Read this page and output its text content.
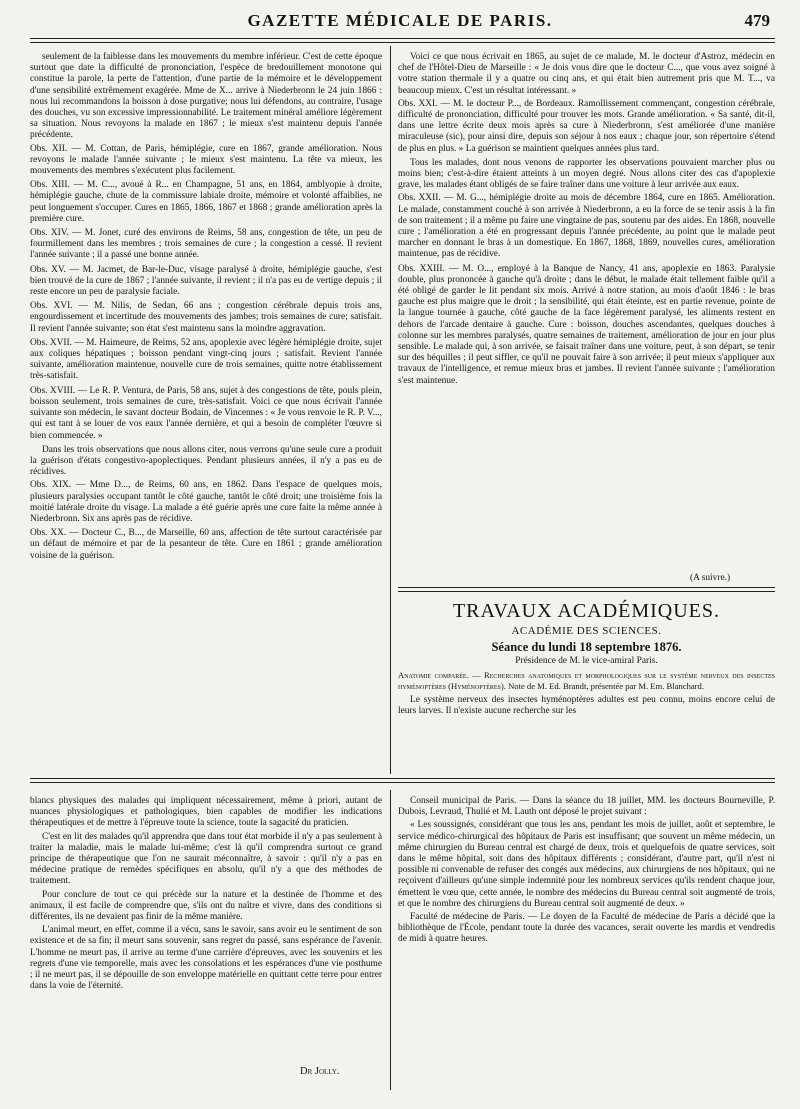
GAZETTE MÉDICALE DE PARIS.	479

seulement de la faiblesse dans les mouvements du membre inférieur. C'est de cette époque surtout que date la difficulté de prononciation, l'espèce de bredouillement monotone qui constitue la parole, la perte de l'attention, d'une partie de la mémoire et le développement d'une sensibilité extrêmement exagérée. Mme de X... arrive à Niederbronn le 24 juin 1866 : nous lui recommandons la boisson à dose purgative; nous lui défendons, au contraire, l'usage des douches, vu son excessive impressionnabilité. Le traitement minéral améliore légèrement sa situation. Nous revoyons la malade en 1867 ; le mieux s'est maintenu depuis l'année précédente.

Obs. XII. — M. Cottan, de Paris, hémiplégie, cure en 1867, grande amélioration. Nous revoyons le malade l'année suivante ; le mieux s'est maintenu. La tête va mieux, les mouvements des membres s'exécutent plus facilement.

Obs. XIII. — M. C..., avoué à R... en Champagne, 51 ans, en 1864, amblyopie à droite, hémiplégie gauche, chute de la commissure labiale droite, mémoire et volonté affaiblies, ne peut longuement s'occuper. Cures en 1865, 1866, 1867 et 1868 ; grande amélioration après la première cure.

Obs. XIV. — M. Jonet, curé des environs de Reims, 58 ans, congestion de tête, un peu de fourmillement dans les membres ; trois semaines de cure ; la congestion a cessé. Il revient l'année suivante ; il a passé une bonne année.

Obs. XV. — M. Jacmet, de Bar-le-Duc, visage paralysé à droite, hémiplégie gauche, s'est bien trouvé de la cure de 1867 ; l'année suivante, il revient ; il n'a pas eu de vertige depuis ; il reste encore un peu de paralysie faciale.

Obs. XVI. — M. Nilis, de Sedan, 66 ans ; congestion cérébrale depuis trois ans, engourdissement et incertitude des mouvements des jambes; trois semaines de cure; satisfait. Il revient l'année suivante; son état s'est maintenu sans la moindre aggravation.

Obs. XVII. — M. Haimeure, de Reims, 52 ans, apoplexie avec légère hémiplégie droite, sujet aux coliques hépatiques ; boisson pendant vingt-cinq jours ; satisfait. Revient l'année suivante, amélioration maintenue, nouvelle cure de trois semaines, quitte notre établissement très-satisfait.

Obs. XVIII. — Le R. P. Ventura, de Paris, 58 ans, sujet à des congestions de tête, pouls plein, boisson seulement, trois semaines de cure, très-satisfait. Voici ce que nous écrivait l'année suivante son médecin, le savant docteur Bodain, de Vincennes : « Je vous renvoie le R. P. V..., qui est tant à se louer de vos eaux l'année dernière, et qui a besoin de compléter l'œuvre si bien commencée. »

Dans les trois observations que nous allons citer, nous verrons qu'une seule cure a produit la guérison d'états congestivo-apoplectiques. Pendant plusieurs années, il n'y a pas eu de récidives.

Obs. XIX. — Mme D..., de Reims, 60 ans, en 1862. Dans l'espace de quelques mois, plusieurs paralysies occupant tantôt le côté gauche, tantôt le côté droit; une troisième fois la moitié latérale droite du visage. La malade a été guérie après une cure faite la même année à Niederbronn. Six ans après pas de récidive.

Obs. XX. — Docteur C., B..., de Marseille, 60 ans, affection de tête surtout caractérisée par un défaut de mémoire et par de la pesanteur de tête. Cure en 1861 ; grande amélioration voisine de la guérison.

Voici ce que nous écrivait en 1865, au sujet de ce malade, M. le docteur d'Astroz, médecin en chef de l'Hôtel-Dieu de Marseille : « Je dois vous dire que le docteur C..., que vous avez soigné à votre station thermale il y a quatre ou cinq ans, et qui était bien autrement pris que M. T..., va beaucoup mieux. C'est un résultat intéressant. »

Obs. XXI. — M. le docteur P..., de Bordeaux. Ramollissement commençant, congestion cérébrale, difficulté de prononciation, difficulté pour trouver les mots. Grande amélioration. « Sa santé, dit-il, dans une lettre écrite deux mois après sa cure à Niederbronn, s'est améliorée d'une manière miraculeuse (sic), pour ainsi dire, depuis son séjour à nos eaux ; chaque jour, son répertoire s'étend de plus en plus. » La guérison se maintient quelques années plus tard.

Tous les malades, dont nous venons de rapporter les observations pouvaient marcher plus ou moins bien; c'est-à-dire étaient atteints à un moyen degré. Nous allons citer des cas d'apoplexie grave, les malades étant obligés de se faire traîner dans une voiture à leur arrivée aux eaux.

Obs. XXII. — M. G..., hémiplégie droite au mois de décembre 1864, cure en 1865. Amélioration. Le malade, constamment couché à son arrivée à Niederbronn, a eu la force de se tenir assis à la fin de son traitement ; il a même pu faire une vingtaine de pas, soutenu par des aides. En 1868, nouvelle cure ; l'amélioration a été en progressant depuis l'année précédente, au point que le malade peut marcher en donnant le bras à un domestique. En 1867, 1868, 1869, nouvelles cures, amélioration maintenue, pas de récidive.

Obs. XXIII. — M. O..., employé à la Banque de Nancy, 41 ans, apoplexie en 1863. Paralysie double, plus prononcée à gauche qu'à droite ; dans le début, le malade était tellement faible qu'il a été obligé de garder le lit pendant six mois. Arrivé à notre station, au mois d'août 1846 : le bras gauche est plus maigre que le droit ; la sensibilité, qui était éteinte, est en partie revenue, pointe de la langue tournée à gauche, côté gauche de la face légèrement paralysé, les aliments restent en dehors de l'arcade dentaire à gauche. Cure : boisson, douches ascendantes, quelques douches à colonne sur les membres paralysés, quatre semaines de traitement, amélioration de jour en jour plus sensible. Le malade qui, à son arrivée, se faisait traîner dans une voiture, peut, à son départ, se tenir sur des béquilles ; il peut siffler, ce qu'il ne pouvait faire à son arrivée; il peut mieux s'appliquer aux travaux de l'intelligence, et remue mieux bras et jambes. Il revient l'année suivante ; l'amélioration s'est maintenue.

(A suivre.)
TRAVAUX ACADÉMIQUES.
ACADÉMIE DES SCIENCES.
Séance du lundi 18 septembre 1876.
Présidence de M. le vice-amiral Paris.
Anatomie comparée. — Recherches anatomiques et morphologiques sur le système nerveux des insectes hyménoptères (Hyménoptères). Note de M. Ed. Brandt, présentée par M. Em. Blanchard.
Le système nerveux des insectes hyménoptères adultes est peu connu, moins encore celui de leurs larves. Il n'existe aucune recherche sur les

blancs physiques des malades qui impliquent nécessairement, même à priori, autant de nuances physiologiques et pathologiques, bien capables de modifier les indications thérapeutiques et de mettre à l'épreuve toute la science, toute la sagacité du praticien.

C'est en lit des malades qu'il apprendra que dans tout état morbide il n'y a pas seulement à traiter la maladie, mais le malade lui-même; c'est là qu'il comprendra surtout ce grand principe de thérapeutique que l'on ne saurait méconnaître, à savoir : qu'il n'y a pas en médecine pratique de remèdes spécifiques en absolu, qu'il n'y a que des méthodes de traitement.

Pour conclure de tout ce qui précède sur la nature et la destinée de l'homme et des animaux, il est facile de comprendre que, s'ils ont du naître et vivre, dans des conditions si différentes, ils ne devaient pas finir de la même manière.

L'animal meurt, en effet, comme il a vécu, sans le savoir, sans avoir eu le sentiment de son existence et de sa fin; il meurt sans souvenir, sans regret du passé, sans espérance de l'avenir. L'homme ne meurt pas, il arrive au terme d'une carrière d'épreuves, avec les souvenirs et les regrets d'une vie temporelle, mais avec les consolations et les espérances d'une vie posthume ; il ne meurt pas, il se dépouille de son enveloppe matérielle en quittant cette terre pour entrer dans la voie de l'éternité.

Dr Jolly.

Conseil municipal de Paris. — Dans la séance du 18 juillet, MM. les docteurs Bourneville, P. Dubois, Levraud, Thulié et M. Lauth ont déposé le projet suivant :

« Les soussignés, considérant que tous les ans, pendant les mois de juillet, août et septembre, le service médico-chirurgical des hôpitaux de Paris est insuffisant; que souvent un même médecin, un même chirurgien du Bureau central est chargé de deux, trois et quelquefois de quatre services, soit dans le même hôpital, soit dans des hôpitaux différents ; considérant, d'autre part, qu'il n'est ni possible ni convenable de refuser des congés aux médecins, aux chirurgiens de nos hôpitaux, qui ne reçoivent d'ailleurs qu'une simple indemnité pour les nombreux services qu'ils rendent chaque jour, émettent le vœu que, cette année, le nombre des médecins du Bureau central soit augmenté de trois, et que le nombre des chirurgiens du Bureau central soit augmenté de deux. »

Faculté de médecine de Paris. — Le doyen de la Faculté de médecine de Paris a décidé que la bibliothèque de l'École, pendant toute la durée des vacances, serait ouverte les mardis et vendredis de midi à quatre heures.
